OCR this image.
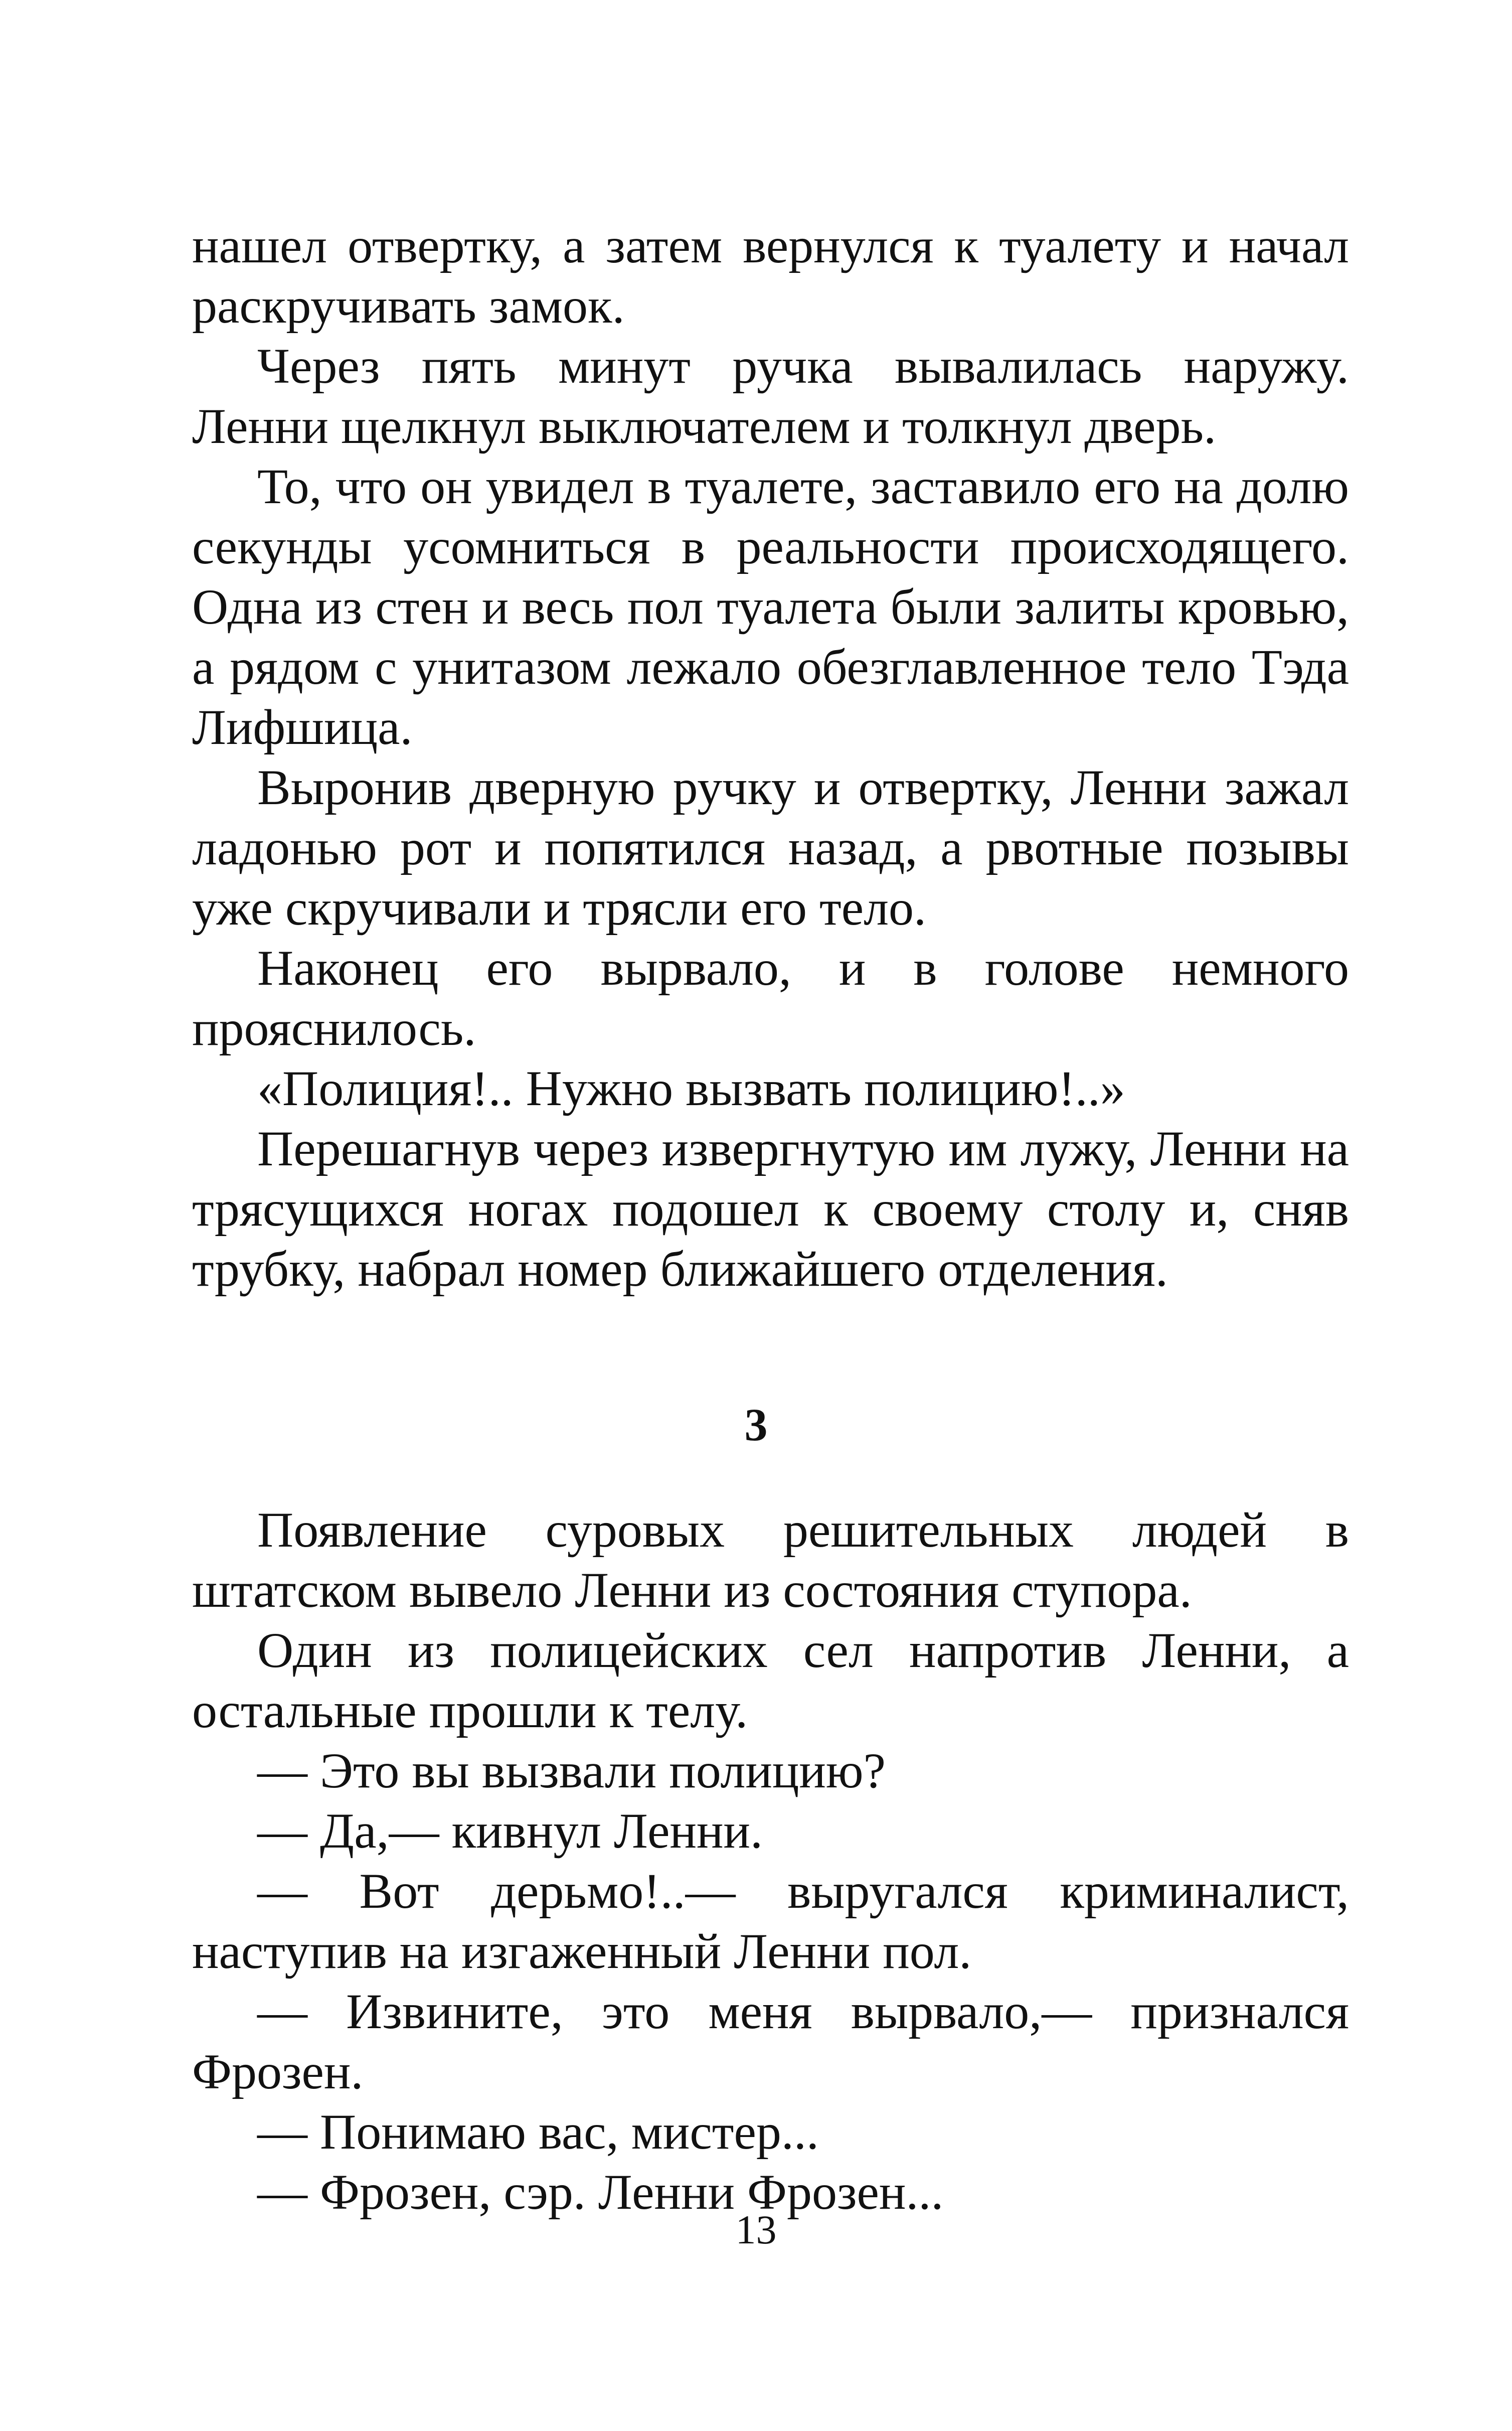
нашел отвертку, а затем вернулся к туалету и начал раскручивать замок.

Через пять минут ручка вывалилась наружу. Ленни щелкнул выключателем и толкнул дверь.

То, что он увидел в туалете, заставило его на долю секунды усомниться в реальности происходящего. Одна из стен и весь пол туалета были залиты кровью, а рядом с унитазом лежало обезглавленное тело Тэда Лифшица.

Выронив дверную ручку и отвертку, Ленни зажал ладонью рот и попятился назад, а рвотные позывы уже скручивали и трясли его тело.

Наконец его вырвало, и в голове немного прояснилось.

«Полиция!.. Нужно вызвать полицию!..»

Перешагнув через извергнутую им лужу, Ленни на трясущихся ногах подошел к своему столу и, сняв трубку, набрал номер ближайшего отделения.

3

Появление суровых решительных людей в штатском вывело Ленни из состояния ступора.

Один из полицейских сел напротив Ленни, а остальные прошли к телу.

— Это вы вызвали полицию?

— Да,— кивнул Ленни.

— Вот дерьмо!..— выругался криминалист, наступив на изгаженный Ленни пол.

— Извините, это меня вырвало,— признался Фрозен.

— Понимаю вас, мистер...

— Фрозен, сэр. Ленни Фрозен...

13
